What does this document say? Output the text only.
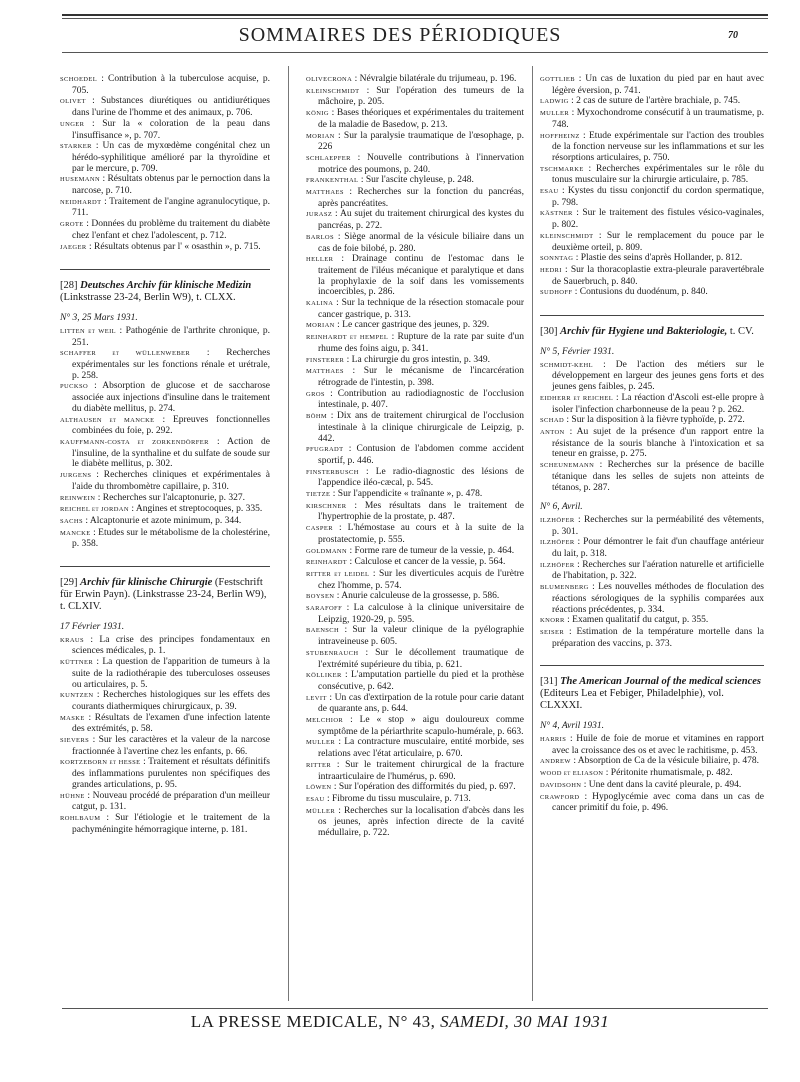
SOMMAIRES DES PÉRIODIQUES	70

SCHOEDEL : Contribution à la tuberculose acquise, p. 705.

OLIVET : Substances diurétiques ou antidiurétiques dans l'urine de l'homme et des animaux, p. 706.

UNGER : Sur la « coloration de la peau dans l'insuffisance », p. 707.

STARKER : Un cas de myxœdème congénital chez un hérédo-syphilitique amélioré par la thyroïdine et par le mercure, p. 709.

HUSEMANN : Résultats obtenus par le pernoction dans la narcose, p. 710.

NEIDHARDT : Traitement de l'angine agranulocytique, p. 711.

GROTE : Données du problème du traitement du diabète chez l'enfant et chez l'adolescent, p. 712.

JAEGER : Résultats obtenus par l' « osasthin », p. 715.

[28] Deutsches Archiv für klinische Medizin (Linkstrasse 23-24, Berlin W9), t. CLXX.

N° 3, 25 Mars 1931.

LITTEN et WEIL : Pathogénie de l'arthrite chronique, p. 251.

SCHAFFER et WÜLLENWEBER : Recherches expérimentales sur les fonctions rénale et urétrale, p. 258.

PUCKSO : Absorption de glucose et de saccharose associée aux injections d'insuline dans le traitement du diabète mellitus, p. 274.

ALTHAUSEN et MANCKE : Epreuves fonctionnelles combinées du foie, p. 292.

KAUFFMANN-COSTA et ZORKENDÖRFER : Action de l'insuline, de la synthaline et du sulfate de soude sur le diabète mellitus, p. 302.

JURGENS : Recherches cliniques et expérimentales à l'aide du thrombomètre capillaire, p. 310.

REINWEIN : Recherches sur l'alcaptonurie, p. 327.

REICHEL et JORDAN : Angines et streptocoques, p. 335.

SACHS : Alcaptonurie et azote minimum, p. 344.

MANCKE : Etudes sur le métabolisme de la cholestérine, p. 358.

[29] Archiv für klinische Chirurgie (Festschrift für Erwin Payn). (Linkstrasse 23-24, Berlin W9), t. CLXIV.

17 Février 1931.

KRAUS : La crise des principes fondamentaux en sciences médicales, p. 1.

KÜTTNER : La question de l'apparition de tumeurs à la suite de la radiothérapie des tuberculoses osseuses ou articulaires, p. 5.

KUNTZEN : Recherches histologiques sur les effets des courants diathermiques chirurgicaux, p. 39.

MASKE : Résultats de l'examen d'une infection latente des extrémités, p. 58.

SIEVERS : Sur les caractères et la valeur de la narcose fractionnée à l'avertine chez les enfants, p. 66.

KORTZEBORN et HESSE : Traitement et résultats définitifs des inflammations purulentes non spécifiques des grandes articulations, p. 95.

HÜHNE : Nouveau procédé de préparation d'un meilleur catgut, p. 131.

ROHLBAUM : Sur l'étiologie et le traitement de la pachyméningite hémorragique interne, p. 181.

OLIVECRONA : Névralgie bilatérale du trijumeau, p. 196.

KLEINSCHMIDT : Sur l'opération des tumeurs de la mâchoire, p. 205.

KÖNIG : Bases théoriques et expérimentales du traitement de la maladie de Basedow, p. 213.

MORIAN : Sur la paralysie traumatique de l'œsophage, p. 226

SCHLAEPFER : Nouvelle contributions à l'innervation motrice des poumons, p. 240.

FRANKENTHAL : Sur l'ascite chyleuse, p. 248.

MATTHAES : Recherches sur la fonction du pancréas, après pancréatites.

JURASZ : Au sujet du traitement chirurgical des kystes du pancréas, p. 272.

BARLOS : Siège anormal de la vésicule biliaire dans un cas de foie bilobé, p. 280.

HELLER : Drainage continu de l'estomac dans le traitement de l'iléus mécanique et paralytique et dans la prophylaxie de la soif dans les vomissements incoercibles, p. 286.

KALINA : Sur la technique de la résection stomacale pour cancer gastrique, p. 313.

MORIAN : Le cancer gastrique des jeunes, p. 329.

REINHARDT et HEMPEL : Rupture de la rate par suite d'un rhume des foins aigu, p. 341.

FINSTERER : La chirurgie du gros intestin, p. 349.

MATTHAES : Sur le mécanisme de l'incarcération rétrograde de l'intestin, p. 398.

GROS : Contribution au radiodiagnostic de l'occlusion intestinale, p. 407.

BÖHM : Dix ans de traitement chirurgical de l'occlusion intestinale à la clinique chirurgicale de Leipzig, p. 442.

PFUGRADT : Contusion de l'abdomen comme accident sportif, p. 446.

FINSTERBUSCH : Le radio-diagnostic des lésions de l'appendice iléo-cæcal, p. 545.

TIETZE : Sur l'appendicite « traînante », p. 478.

KIRSCHNER : Mes résultats dans le traitement de l'hypertrophie de la prostate, p. 487.

CASPER : L'hémostase au cours et à la suite de la prostatectomie, p. 555.

GOLDMANN : Forme rare de tumeur de la vessie, p. 464.

REINHARDT : Calculose et cancer de la vessie, p. 564.

RITTER et LEIDEL : Sur les diverticules acquis de l'urètre chez l'homme, p. 574.

BOYSEN : Anurie calculeuse de la grossesse, p. 586.

SARAFOFF : La calculose à la clinique universitaire de Leipzig, 1920-29, p. 595.

BAENSCH : Sur la valeur clinique de la pyélographie intraveineuse p. 605.

STUBENRAUCH : Sur le décollement traumatique de l'extrémité supérieure du tibia, p. 621.

KÖLLIKER : L'amputation partielle du pied et la prothèse consécutive, p. 642.

LEVIT : Un cas d'extirpation de la rotule pour carie datant de quarante ans, p. 644.

MELCHIOR : Le « stop » aigu douloureux comme symptôme de la périarthrite scapulo-humérale, p. 663.

MULLER : La contracture musculaire, entité morbide, ses relations avec l'état articulaire, p. 670.

RITTER : Sur le traitement chirurgical de la fracture intraarticulaire de l'humérus, p. 690.

LÖWEN : Sur l'opération des difformités du pied, p. 697.

ESAU : Fibrome du tissu musculaire, p. 713.

MÜLLER : Recherches sur la localisation d'abcès dans les os jeunes, après infection directe de la cavité médullaire, p. 722.

GOTTLIEB : Un cas de luxation du pied par en haut avec légère éversion, p. 741.

LADWIG : 2 cas de suture de l'artère brachiale, p. 745.

MULLER : Myxochondrome consécutif à un traumatisme, p. 748.

HOFFHEINZ : Etude expérimentale sur l'action des troubles de la fonction nerveuse sur les inflammations et sur les résorptions articulaires, p. 750.

TSCHMARKE : Recherches expérimentales sur le rôle du tonus musculaire sur la chirurgie articulaire, p. 785.

ESAU : Kystes du tissu conjonctif du cordon spermatique, p. 798.

KÄSTNER : Sur le traitement des fistules vésico-vaginales, p. 802.

KLEINSCHMIDT : Sur le remplacement du pouce par le deuxième orteil, p. 809.

SONNTAG : Plastie des seins d'après Hollander, p. 812.

HEDRI : Sur la thoracoplastie extra-pleurale paravertébrale de Sauerbruch, p. 840.

SUDHOFF : Contusions du duodénum, p. 840.

[30] Archiv für Hygiene und Bakteriologie, t. CV.

N° 5, Février 1931.

SCHMIDT-KEHL : De l'action des métiers sur le développement en largeur des jeunes gens forts et des jeunes gens faibles, p. 245.

EIDHERR et REICHEL : La réaction d'Ascoli est-elle propre à isoler l'infection charbonneuse de la peau ? p. 262.

SCHAD : Sur la disposition à la fièvre typhoïde, p. 272.

ANTON : Au sujet de la présence d'un rapport entre la résistance de la souris blanche à l'intoxication et sa teneur en graisse, p. 275.

SCHEUNEMANN : Recherches sur la présence de bacille tétanique dans les selles de sujets non atteints de tétanos, p. 287.

N° 6, Avril.

ILZHÖFER : Recherches sur la perméabilité des vêtements, p. 301.

ILZHÖFER : Pour démontrer le fait d'un chauffage antérieur du lait, p. 318.

ILZHÖFER : Recherches sur l'aération naturelle et artificielle de l'habitation, p. 322.

BLUMENBERG : Les nouvelles méthodes de floculation des réactions sérologiques de la syphilis comparées aux réactions précédentes, p. 334.

KNORR : Examen qualitatif du catgut, p. 355.

SEISER : Estimation de la température mortelle dans la préparation des vaccins, p. 373.

[31] The American Journal of the medical sciences (Editeurs Lea et Febiger, Philadelphie), vol. CLXXXI.

N° 4, Avril 1931.

HARRIS : Huile de foie de morue et vitamines en rapport avec la croissance des os et avec le rachitisme, p. 453.

ANDREW : Absorption de Ca de la vésicule biliaire, p. 478.

WOOD et ELIASON : Péritonite rhumatismale, p. 482.

DAVIDSOHN : Une dent dans la cavité pleurale, p. 494.

CRAWFORD : Hypoglycémie avec coma dans un cas de cancer primitif du foie, p. 496.

LA PRESSE MEDICALE, N° 43, SAMEDI, 30 MAI 1931
